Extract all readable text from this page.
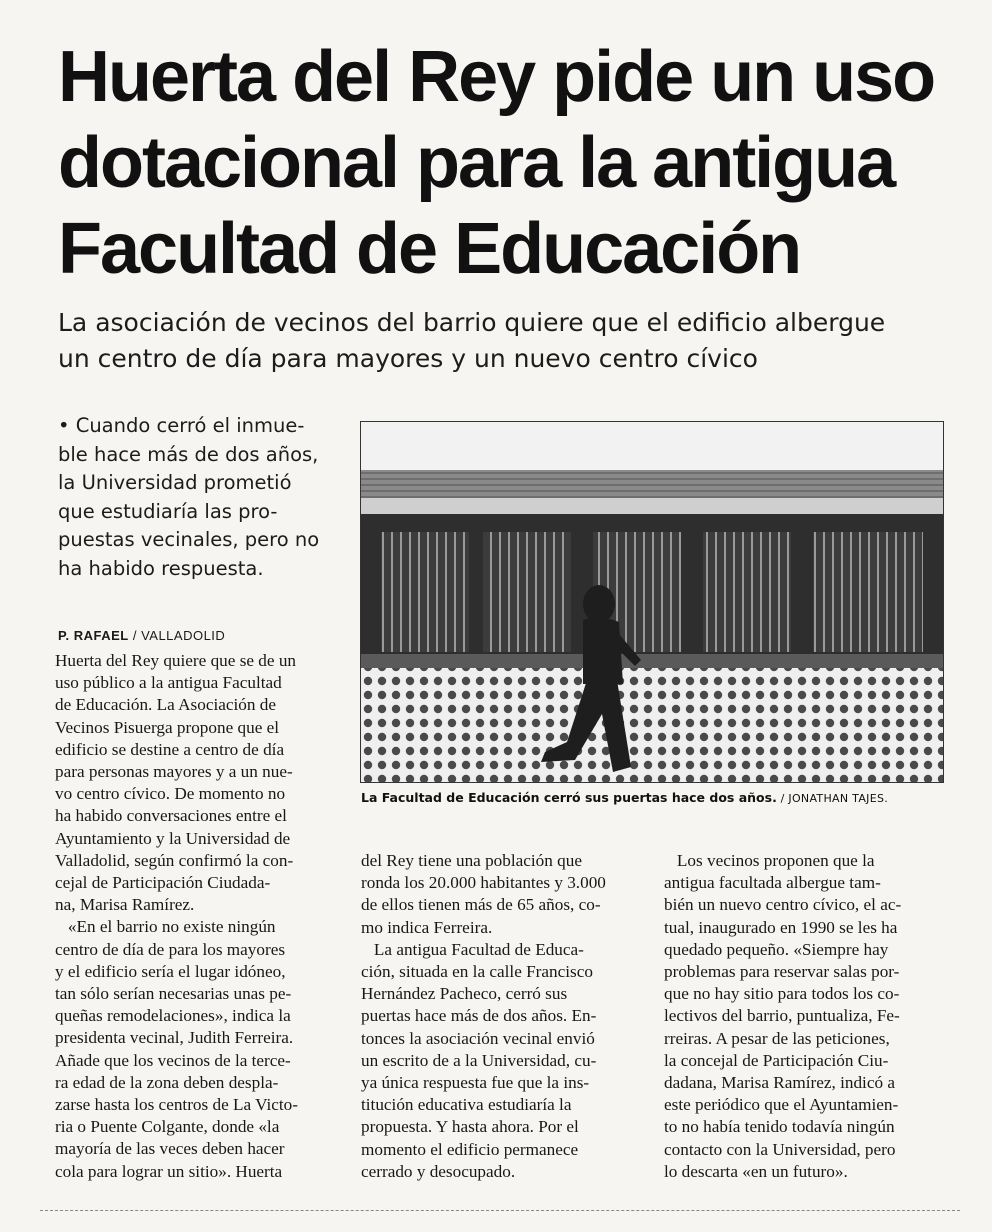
Huerta del Rey pide un uso
dotacional para la antigua
Facultad de Educación

La asociación de vecinos del barrio quiere que el edificio albergue
un centro de día para mayores y un nuevo centro cívico

• Cuando cerró el inmue-
ble hace más de dos años,
la Universidad prometió
que estudiaría las pro-
puestas vecinales, pero no
ha habido respuesta.

P. RAFAEL / VALLADOLID
Huerta del Rey quiere que se de un
uso público a la antigua Facultad
de Educación. La Asociación de
Vecinos Pisuerga propone que el
edificio se destine a centro de día
para personas mayores y a un nue-
vo centro cívico. De momento no
ha habido conversaciones entre el
Ayuntamiento y la Universidad de
Valladolid, según confirmó la con-
cejal de Participación Ciudada-
na, Marisa Ramírez.
«En el barrio no existe ningún
centro de día de para los mayores
y el edificio sería el lugar idóneo,
tan sólo serían necesarias unas pe-
queñas remodelaciones», indica la
presidenta vecinal, Judith Ferreira.
Añade que los vecinos de la terce-
ra edad de la zona deben despla-
zarse hasta los centros de La Victo-
ria o Puente Colgante, donde «la
mayoría de las veces deben hacer
cola para lograr un sitio». Huerta
La Facultad de Educación cerró sus puertas hace dos años. / JONATHAN TAJES.
del Rey tiene una población que
ronda los 20.000 habitantes y 3.000
de ellos tienen más de 65 años, co-
mo indica Ferreira.
La antigua Facultad de Educa-
ción, situada en la calle Francisco
Hernández Pacheco, cerró sus
puertas hace más de dos años. En-
tonces la asociación vecinal envió
un escrito de a la Universidad, cu-
ya única respuesta fue que la ins-
titución educativa estudiaría la
propuesta. Y hasta ahora. Por el
momento el edificio permanece
cerrado y desocupado.
Los vecinos proponen que la
antigua facultada albergue tam-
bién un nuevo centro cívico, el ac-
tual, inaugurado en 1990 se les ha
quedado pequeño. «Siempre hay
problemas para reservar salas por-
que no hay sitio para todos los co-
lectivos del barrio, puntualiza, Fe-
rreiras. A pesar de las peticiones,
la concejal de Participación Ciu-
dadana, Marisa Ramírez, indicó a
este periódico que el Ayuntamien-
to no había tenido todavía ningún
contacto con la Universidad, pero
lo descarta «en un futuro».
